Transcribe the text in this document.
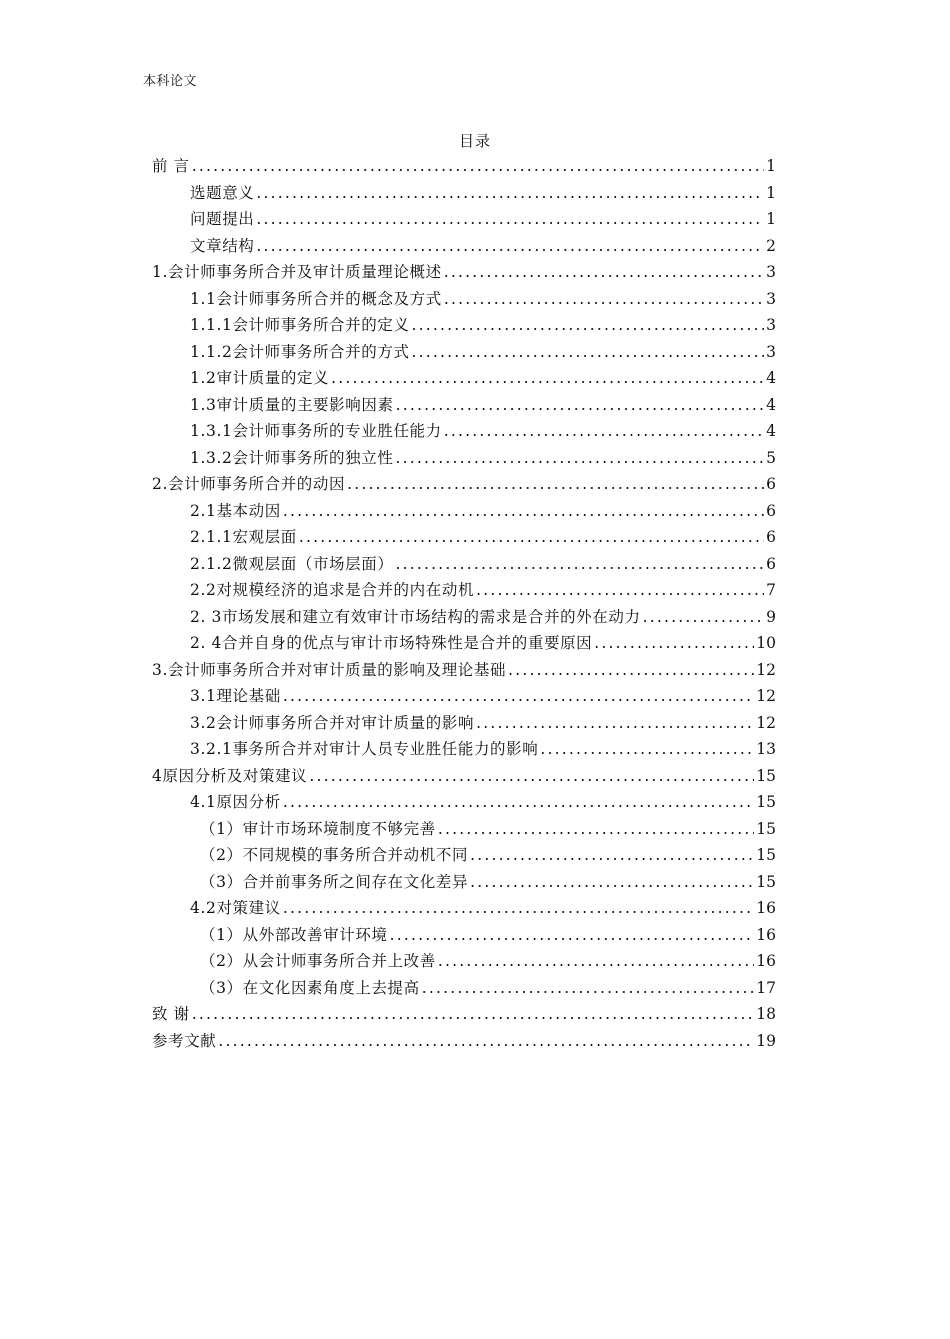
本科论文
目录
前 言 .....	1
选题意义 .....	1
问题提出 .....	1
文章结构 .....	2
1.会计师事务所合并及审计质量理论概述 .....	3
1.1会计师事务所合并的概念及方式 .....	3
1.1.1会计师事务所合并的定义 .....	3
1.1.2会计师事务所合并的方式 .....	3
1.2审计质量的定义 .....	4
1.3审计质量的主要影响因素 .....	4
1.3.1会计师事务所的专业胜任能力 .....	4
1.3.2会计师事务所的独立性 .....	5
2.会计师事务所合并的动因 .....	6
2.1基本动因 .....	6
2.1.1宏观层面 .....	6
2.1.2微观层面（市场层面） .....	6
2.2对规模经济的追求是合并的内在动机 .....	7
2. 3市场发展和建立有效审计市场结构的需求是合并的外在动力 .....	9
2. 4合并自身的优点与审计市场特殊性是合并的重要原因 .....	10
3.会计师事务所合并对审计质量的影响及理论基础 .....	12
3.1理论基础 .....	12
3.2会计师事务所合并对审计质量的影响 .....	12
3.2.1事务所合并对审计人员专业胜任能力的影响 .....	13
4原因分析及对策建议 .....	15
4.1原因分析 .....	15
（1）审计市场环境制度不够完善 .....	15
（2）不同规模的事务所合并动机不同 .....	15
（3）合并前事务所之间存在文化差异 .....	15
4.2对策建议 .....	16
（1）从外部改善审计环境 .....	16
（2）从会计师事务所合并上改善 .....	16
（3）在文化因素角度上去提高 .....	17
致 谢 .....	18
参考文献 .....	19
